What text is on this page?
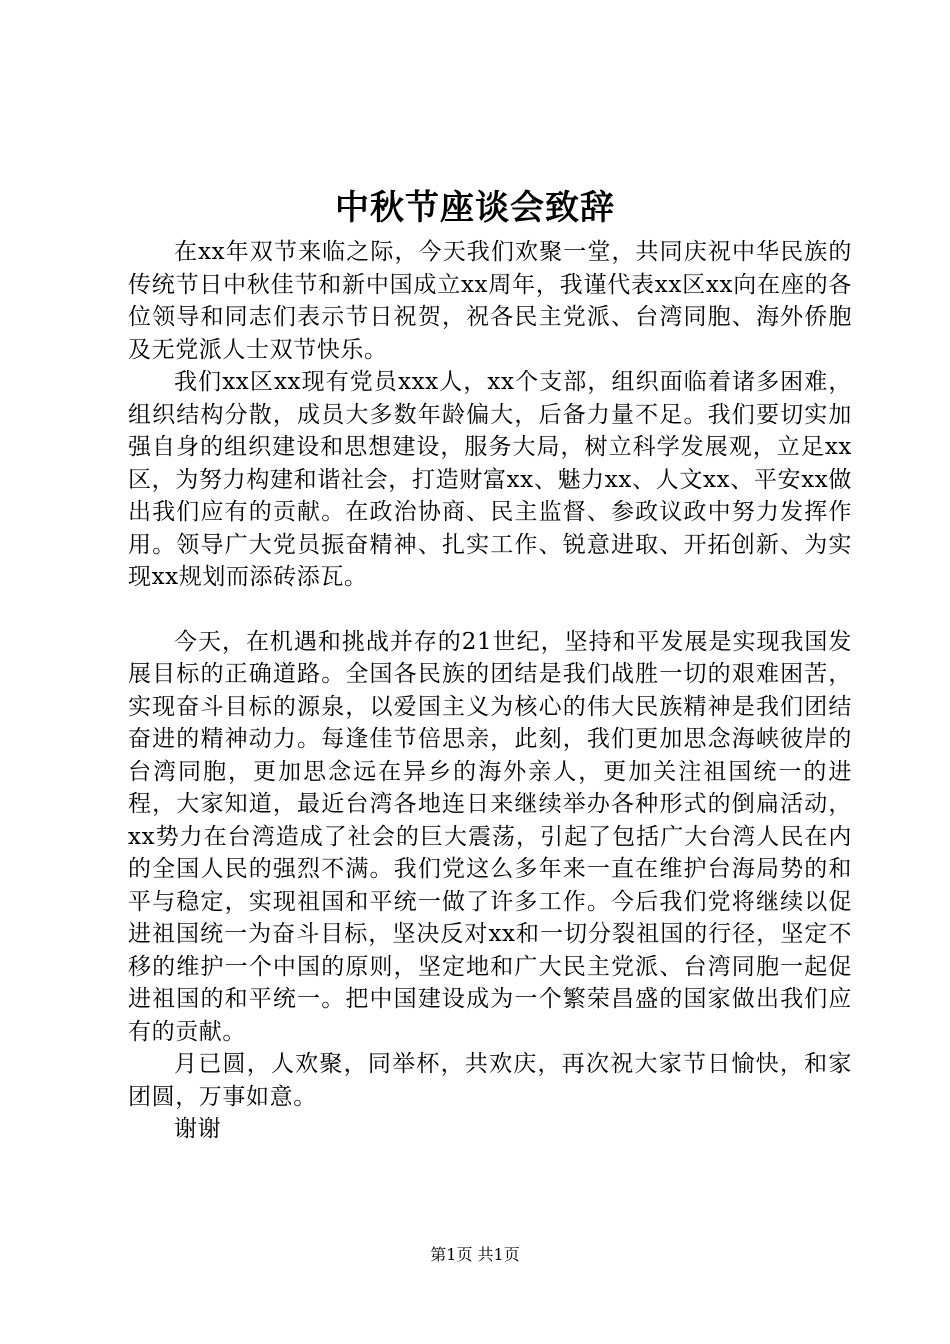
中秋节座谈会致辞

在xx年双节来临之际，今天我们欢聚一堂，共同庆祝中华民族的传统节日中秋佳节和新中国成立xx周年，我谨代表xx区xx向在座的各位领导和同志们表示节日祝贺，祝各民主党派、台湾同胞、海外侨胞及无党派人士双节快乐。

我们xx区xx现有党员xxx人，xx个支部，组织面临着诸多困难，组织结构分散，成员大多数年龄偏大，后备力量不足。我们要切实加强自身的组织建设和思想建设，服务大局，树立科学发展观，立足xx区，为努力构建和谐社会，打造财富xx、魅力xx、人文xx、平安xx做出我们应有的贡献。在政治协商、民主监督、参政议政中努力发挥作用。领导广大党员振奋精神、扎实工作、锐意进取、开拓创新、为实现xx规划而添砖添瓦。

今天，在机遇和挑战并存的21世纪，坚持和平发展是实现我国发展目标的正确道路。全国各民族的团结是我们战胜一切的艰难困苦，实现奋斗目标的源泉，以爱国主义为核心的伟大民族精神是我们团结奋进的精神动力。每逢佳节倍思亲，此刻，我们更加思念海峡彼岸的台湾同胞，更加思念远在异乡的海外亲人，更加关注祖国统一的进程，大家知道，最近台湾各地连日来继续举办各种形式的倒扁活动，xx势力在台湾造成了社会的巨大震荡，引起了包括广大台湾人民在内的全国人民的强烈不满。我们党这么多年来一直在维护台海局势的和平与稳定，实现祖国和平统一做了许多工作。今后我们党将继续以促进祖国统一为奋斗目标，坚决反对xx和一切分裂祖国的行径，坚定不移的维护一个中国的原则，坚定地和广大民主党派、台湾同胞一起促进祖国的和平统一。把中国建设成为一个繁荣昌盛的国家做出我们应有的贡献。

月已圆，人欢聚，同举杯，共欢庆，再次祝大家节日愉快，和家团圆，万事如意。

谢谢

第1页 共1页
